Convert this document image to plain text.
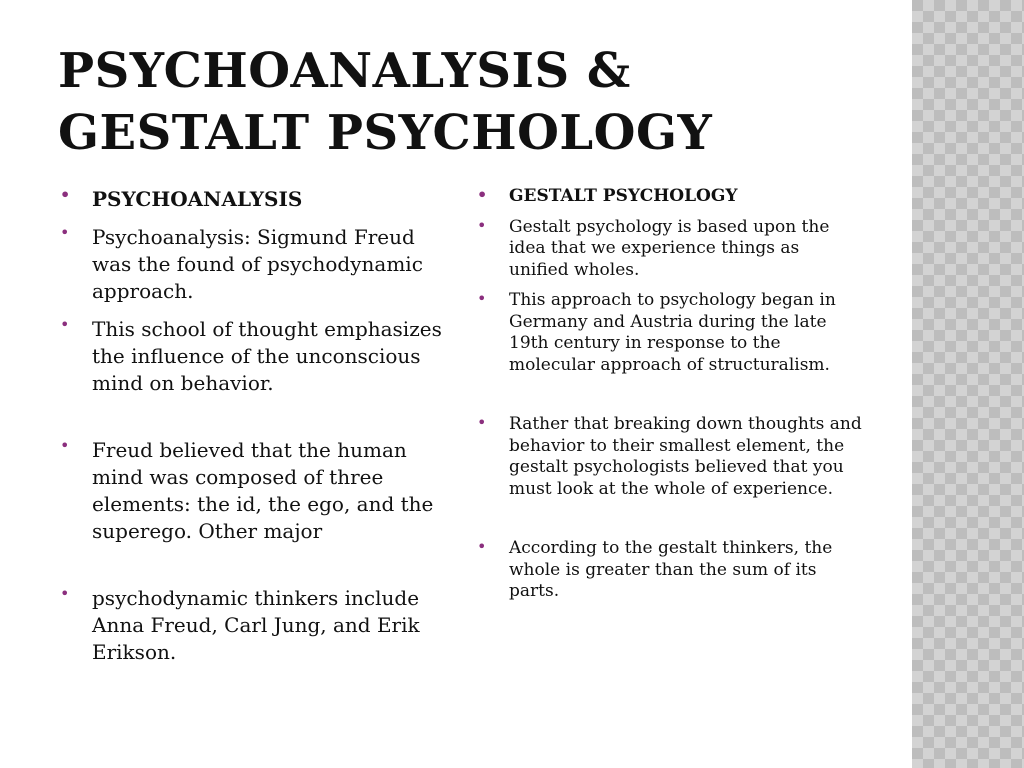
PSYCHOANALYSIS & GESTALT PSYCHOLOGY
• PSYCHOANALYSIS
• Psychoanalysis: Sigmund Freud was the found of psychodynamic approach.
• This school of thought emphasizes the influence of the unconscious mind on behavior.
• Freud believed that the human mind was composed of three elements: the id, the ego, and the superego. Other major
• psychodynamic thinkers include Anna Freud, Carl Jung, and Erik Erikson.
• GESTALT PSYCHOLOGY
• Gestalt psychology is based upon the idea that we experience things as unified wholes.
• This approach to psychology began in Germany and Austria during the late 19th century in response to the molecular approach of structuralism.
• Rather that breaking down thoughts and behavior to their smallest element, the gestalt psychologists believed that you must look at the whole of experience.
• According to the gestalt thinkers, the whole is greater than the sum of its parts.
